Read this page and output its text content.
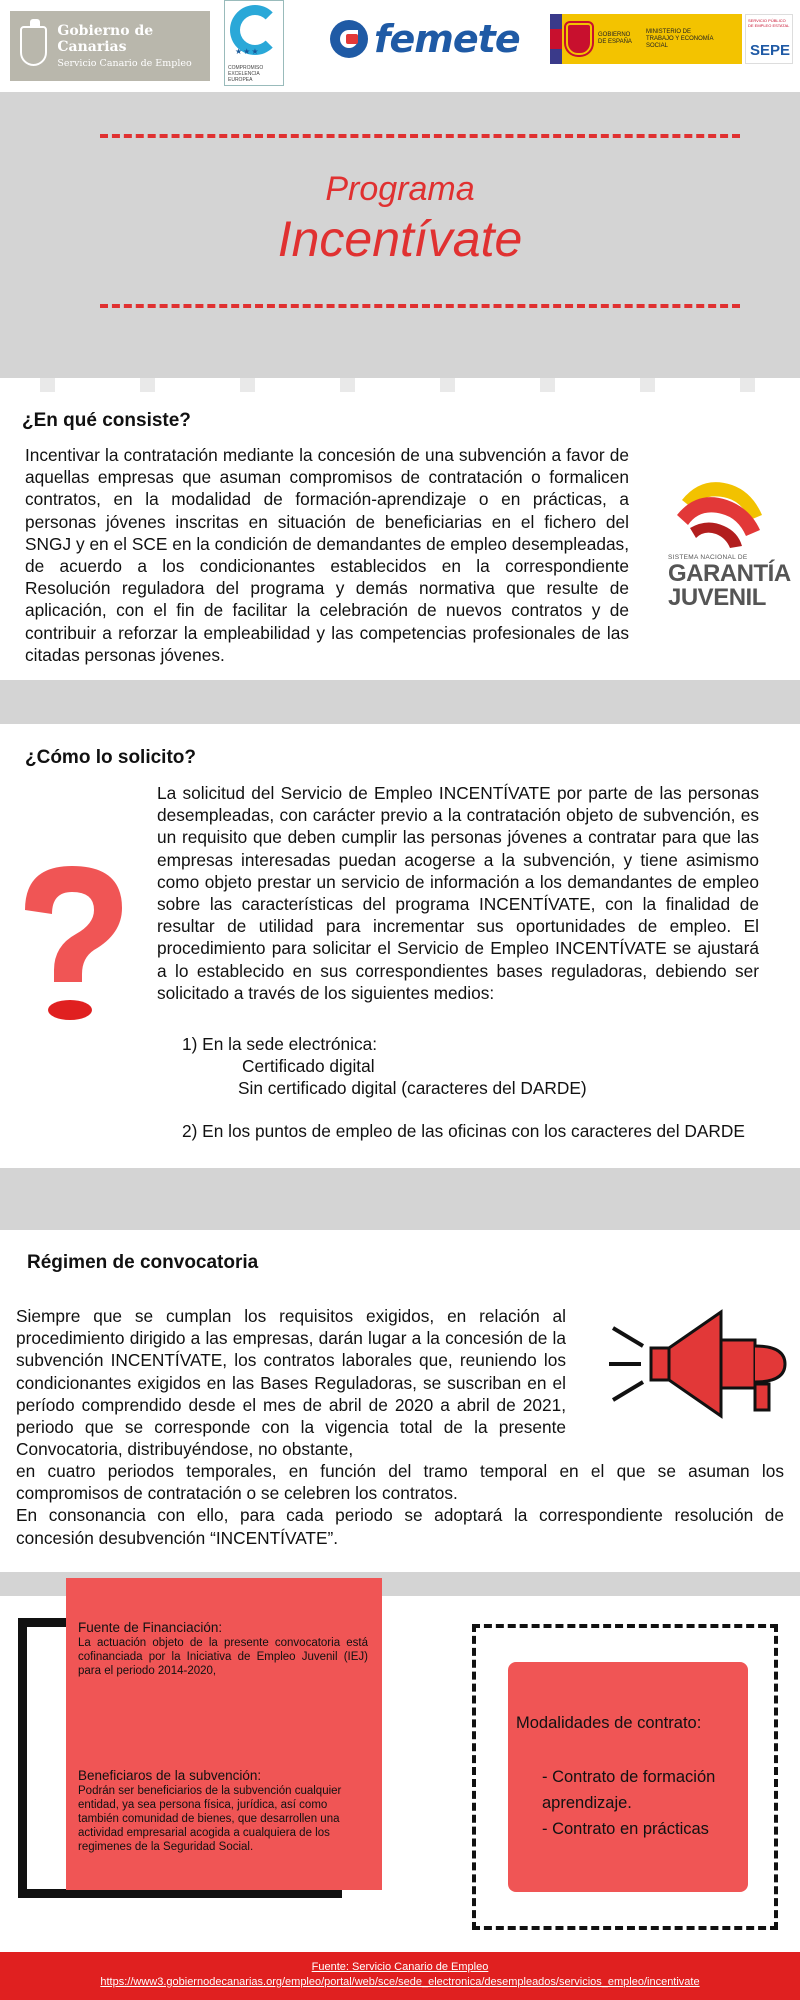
Gobierno de Canarias
Servicio Canario de Empleo
★★★
COMPROMISO EXCELENCIA EUROPEA
femete	GOBIERNO DE ESPAÑA
MINISTERIO DE TRABAJO Y ECONOMÍA SOCIAL
SERVICIO PÚBLICO DE EMPLEO ESTATAL
SEPE
Programa
Incentívate
¿En qué consiste?
Incentivar la contratación mediante la concesión de una subvención a favor de aquellas empresas que asuman compromisos de contratación o formalicen contratos, en la modalidad de formación-aprendizaje o en prácticas, a personas jóvenes inscritas en situación de beneficiarias en el fichero del SNGJ y en el SCE en la condición de demandantes de empleo desempleadas, de acuerdo a los condicionantes establecidos en la correspondiente Resolución reguladora del programa y demás normativa que resulte de aplicación, con el fin de facilitar la celebración de nuevos contratos y de contribuir a reforzar la empleabilidad y las competencias profesionales de las citadas personas jóvenes.
SISTEMA NACIONAL DE
GARANTÍA
JUVENIL
¿Cómo lo solicito?
La solicitud del Servicio de Empleo INCENTÍVATE por parte de las personas desempleadas, con carácter previo a la contratación objeto de subvención, es un requisito que deben cumplir las personas jóvenes a contratar para que las empresas interesadas puedan acogerse a la subvención, y tiene asimismo como objeto prestar un servicio de información a los demandantes de empleo sobre las características del programa INCENTÍVATE, con la finalidad de resultar de utilidad para incrementar sus oportunidades de empleo. El procedimiento para solicitar el Servicio de Empleo INCENTÍVATE se ajustará a lo establecido en sus correspondientes bases reguladoras, debiendo ser solicitado a través de los siguientes medios:
1) En la sede electrónica:
Certificado digital
Sin certificado digital (caracteres del DARDE)
2) En los puntos de empleo de las oficinas con los caracteres del DARDE
Régimen de convocatoria
Siempre que se cumplan los requisitos exigidos, en relación al procedimiento dirigido a las empresas, darán lugar a la concesión de la subvención INCENTÍVATE, los contratos laborales que, reuniendo los condicionantes exigidos en las Bases Reguladoras, se suscriban en el período comprendido desde el mes de abril de 2020 a abril de 2021, periodo que se corresponde con la vigencia total de la presente Convocatoria, distribuyéndose, no obstante,
en cuatro periodos temporales, en función del tramo temporal en el que se asuman los compromisos de contratación o se celebren los contratos.
En consonancia con ello, para cada periodo se adoptará la correspondiente resolución de concesión desubvención “INCENTÍVATE”.
Fuente de Financiación:
La actuación objeto de la presente convocatoria está cofinanciada por la Iniciativa de Empleo Juvenil (IEJ) para el periodo 2014-2020,
Beneficiaros de la subvención:
Podrán ser beneficiarios de la subvención cualquier entidad, ya sea persona física, jurídica, así como también comunidad de bienes, que desarrollen una actividad empresarial acogida a cualquiera de los regimenes de la Seguridad Social.
Modalidades de contrato:
- Contrato de formación
aprendizaje.
- Contrato en prácticas
Fuente: Servicio Canario de Empleo
https://www3.gobiernodecanarias.org/empleo/portal/web/sce/sede_electronica/desempleados/servicios_empleo/incentivate
